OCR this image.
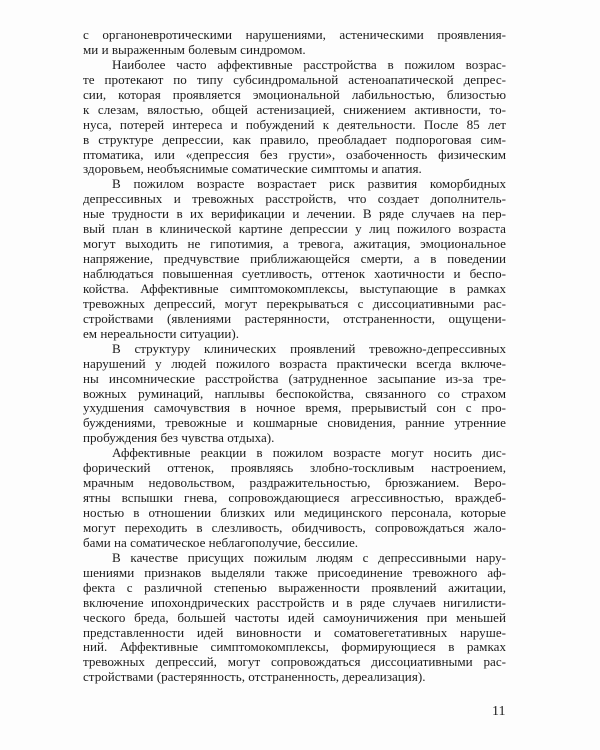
с органоневротическими нарушениями, астеническими проявления-
ми и выраженным болевым синдромом.
Наиболее часто аффективные расстройства в пожилом возрас-
те протекают по типу субсиндромальной астеноапатической депрес-
сии, которая проявляется эмоциональной лабильностью, близостью
к слезам, вялостью, общей астенизацией, снижением активности, то-
нуса, потерей интереса и побуждений к деятельности. После 85 лет
в структуре депрессии, как правило, преобладает подпороговая сим-
птоматика, или «депрессия без грусти», озабоченность физическим
здоровьем, необъяснимые соматические симптомы и апатия.
В пожилом возрасте возрастает риск развития коморбидных
депрессивных и тревожных расстройств, что создает дополнитель-
ные трудности в их верификации и лечении. В ряде случаев на пер-
вый план в клинической картине депрессии у лиц пожилого возраста
могут выходить не гипотимия, а тревога, ажитация, эмоциональное
напряжение, предчувствие приближающейся смерти, а в поведении
наблюдаться повышенная суетливость, оттенок хаотичности и беспо-
койства. Аффективные симптомокомплексы, выступающие в рамках
тревожных депрессий, могут перекрываться с диссоциативными рас-
стройствами (явлениями растерянности, отстраненности, ощущени-
ем нереальности ситуации).
В структуру клинических проявлений тревожно-депрессивных
нарушений у людей пожилого возраста практически всегда включе-
ны инсомнические расстройства (затрудненное засыпание из-за тре-
вожных руминаций, наплывы беспокойства, связанного со страхом
ухудшения самочувствия в ночное время, прерывистый сон с про-
буждениями, тревожные и кошмарные сновидения, ранние утренние
пробуждения без чувства отдыха).
Аффективные реакции в пожилом возрасте могут носить дис-
форический оттенок, проявляясь злобно-тоскливым настроением,
мрачным недовольством, раздражительностью, брюзжанием. Веро-
ятны вспышки гнева, сопровождающиеся агрессивностью, враждеб-
ностью в отношении близких или медицинского персонала, которые
могут переходить в слезливость, обидчивость, сопровождаться жало-
бами на соматическое неблагополучие, бессилие.
В качестве присущих пожилым людям с депрессивными нару-
шениями признаков выделяли также присоединение тревожного аф-
фекта с различной степенью выраженности проявлений ажитации,
включение ипохондрических расстройств и в ряде случаев нигилисти-
ческого бреда, большей частоты идей самоуничижения при меньшей
представленности идей виновности и соматовегетативных наруше-
ний. Аффективные симптомокомплексы, формирующиеся в рамках
тревожных депрессий, могут сопровождаться диссоциативными рас-
стройствами (растерянность, отстраненность, дереализация).
11
